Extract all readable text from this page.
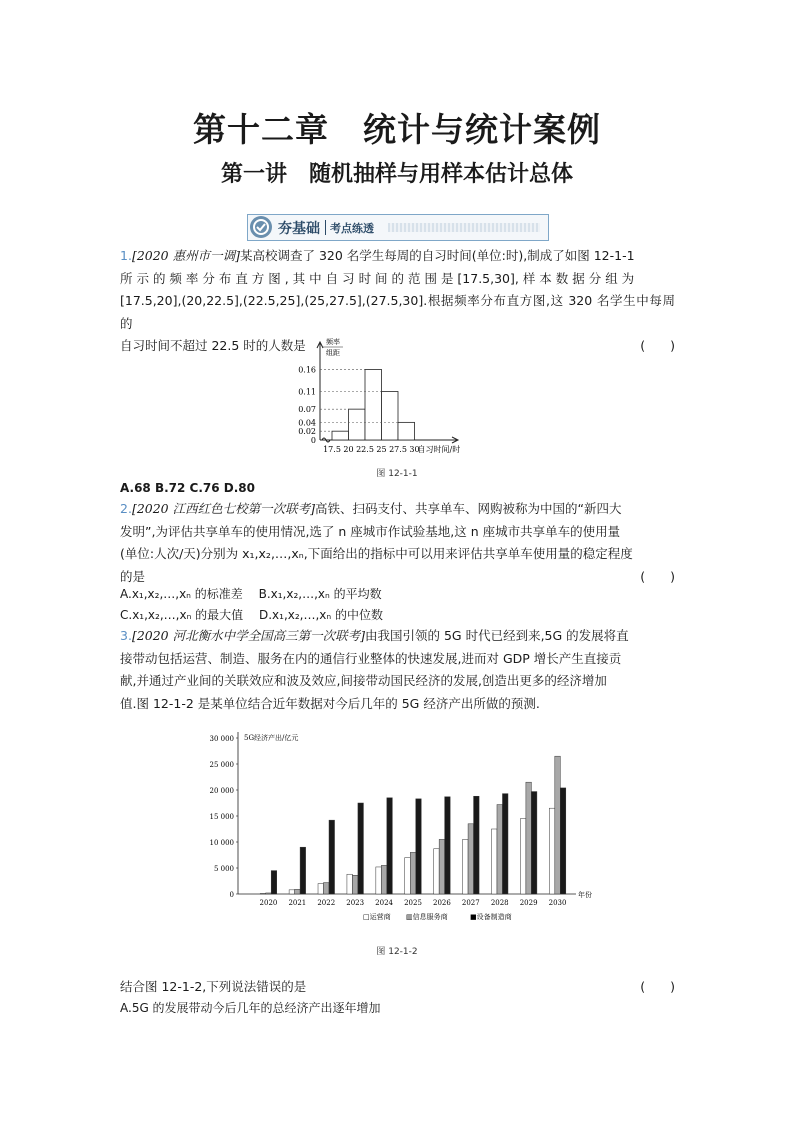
第十二章　统计与统计案例
第一讲　随机抽样与用样本估计总体
夯基础 考点练透
1.[2020 惠州市一调]某高校调查了 320 名学生每周的自习时间(单位:时),制成了如图 12-1-1
所 示 的 频 率 分 布 直 方 图 , 其 中 自 习 时 间 的 范 围 是 [17.5,30], 样 本 数 据 分 组 为
[17.5,20],(20,22.5],(22.5,25],(25,27.5],(27.5,30].根据频率分布直方图,这 320 名学生中每周的
自习时间不超过 22.5 时的人数是	(　　)
0.16
0.11
0.07
0.04
0.02
0
17.5 20 22.5 25 27.5 30
频率
组距
自习时间/时
图 12-1-1
A.68 B.72 C.76 D.80
2.[2020 江西红色七校第一次联考]高铁、扫码支付、共享单车、网购被称为中国的“新四大
发明”,为评估共享单车的使用情况,选了 n 座城市作试验基地,这 n 座城市共享单车的使用量
(单位:人次/天)分别为 x₁,x₂,…,xₙ,下面给出的指标中可以用来评估共享单车使用量的稳定程度
的是	(　　)
A.x₁,x₂,…,xₙ 的标准差　 B.x₁,x₂,…,xₙ 的平均数
C.x₁,x₂,…,xₙ 的最大值　 D.x₁,x₂,…,xₙ 的中位数
3.[2020 河北衡水中学全国高三第一次联考]由我国引领的 5G 时代已经到来,5G 的发展将直
接带动包括运营、制造、服务在内的通信行业整体的快速发展,进而对 GDP 增长产生直接贡
献,并通过产业间的关联效应和波及效应,间接带动国民经济的发展,创造出更多的经济增加
值.图 12-1-2 是某单位结合近年数据对今后几年的 5G 经济产出所做的预测.
30 000
25 000
20 000
15 000
10 000
5 000
0
5G经济产出/亿元
2020 2021 2022 2023 2024 2025 2026 2027 2028 2029 2030
年份
□运营商 ▥信息服务商	■设备制造商
图 12-1-2
结合图 12-1-2,下列说法错误的是	(　　)
A.5G 的发展带动今后几年的总经济产出逐年增加
